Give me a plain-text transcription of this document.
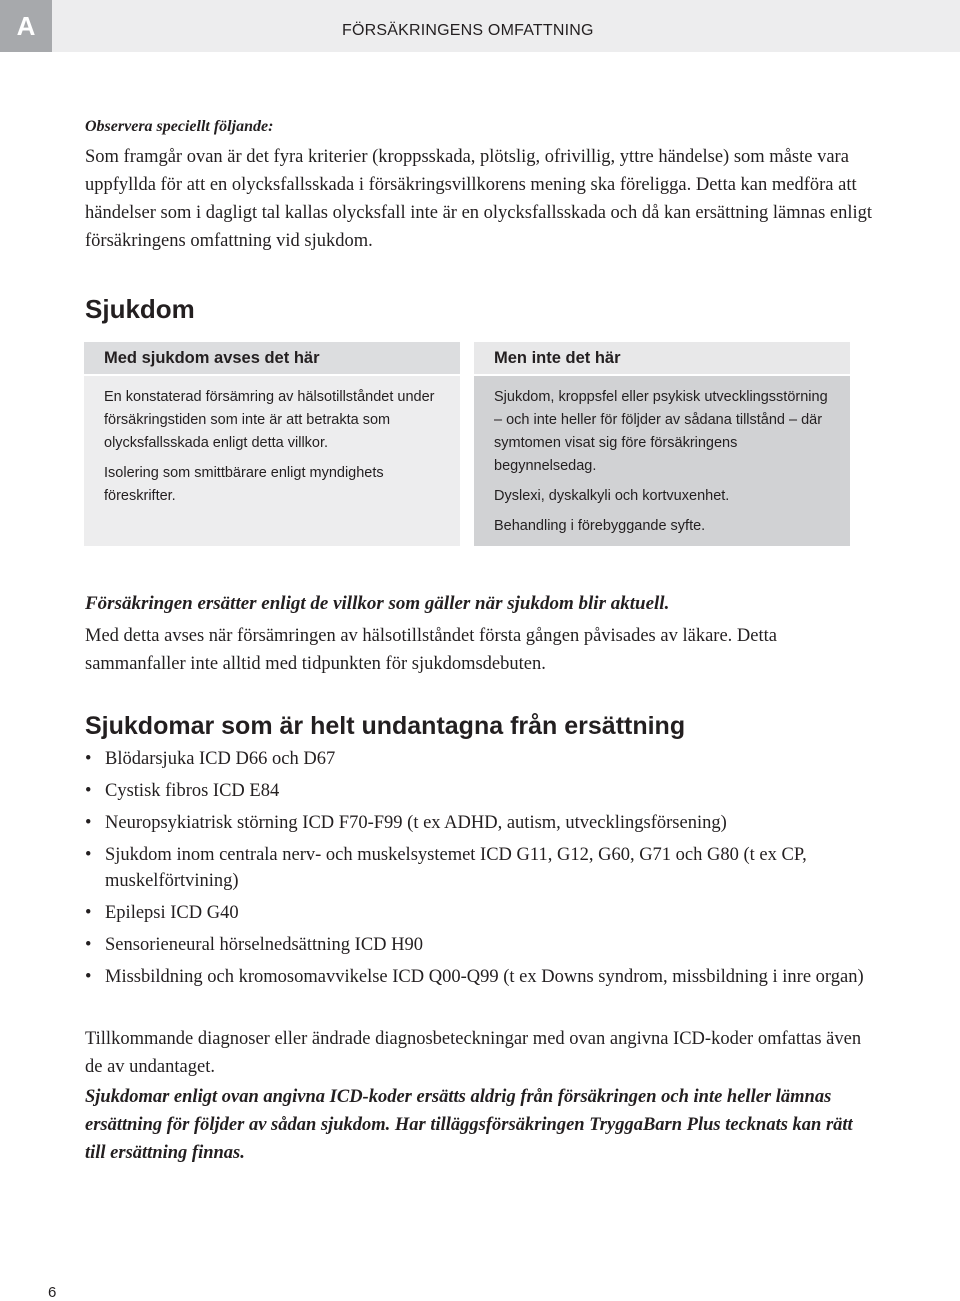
A	FÖRSÄKRINGENS OMFATTNING
Observera speciellt följande:
Som framgår ovan är det fyra kriterier (kroppsskada, plötslig, ofrivillig, yttre händelse) som måste vara uppfyllda för att en olycksfallsskada i försäkringsvillkorens mening ska föreligga. Detta kan medföra att händelser som i dagligt tal kallas olycksfall inte är en olycksfallsskada och då kan ersättning lämnas enligt försäkringens omfattning vid sjukdom.
Sjukdom
Med sjukdom avses det här

En konstaterad försämring av hälsotillståndet under försäkringstiden som inte är att betrakta som olycksfallsskada enligt detta villkor.

Isolering som smittbärare enligt myndighets föreskrifter.

Men inte det här

Sjukdom, kroppsfel eller psykisk utvecklingsstörning – och inte heller för följder av sådana tillstånd – där symtomen visat sig före försäkringens begynnelsedag.

Dyslexi, dyskalkyli och kortvuxenhet.

Behandling i förebyggande syfte.

Försäkringen ersätter enligt de villkor som gäller när sjukdom blir aktuell.
Med detta avses när försämringen av hälsotillståndet första gången påvisades av läkare. Detta sammanfaller inte alltid med tidpunkten för sjukdomsdebuten.
Sjukdomar som är helt undantagna från ersättning
• Blödarsjuka ICD D66 och D67
• Cystisk fibros ICD E84
• Neuropsykiatrisk störning ICD F70-F99 (t ex ADHD, autism, utvecklingsförsening)
• Sjukdom inom centrala nerv- och muskelsystemet ICD G11, G12, G60, G71 och G80 (t ex CP, muskelförtvining)
• Epilepsi ICD G40
• Sensorieneural hörselnedsättning ICD H90
• Missbildning och kromosomavvikelse ICD Q00-Q99 (t ex Downs syndrom, missbildning i inre organ)
Tillkommande diagnoser eller ändrade diagnosbeteckningar med ovan angivna ICD-koder omfattas även de av undantaget.
Sjukdomar enligt ovan angivna ICD-koder ersätts aldrig från försäkringen och inte heller lämnas ersättning för följder av sådan sjukdom. Har tilläggsförsäkringen TryggaBarn Plus tecknats kan rätt till ersättning finnas.
6
